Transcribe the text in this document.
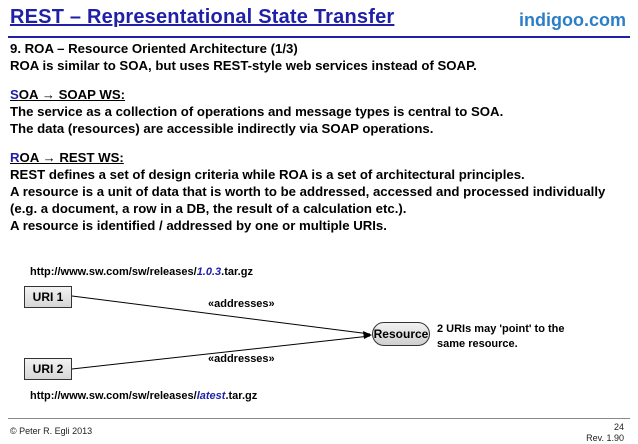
REST – Representational State Transfer	indigoo.com

9. ROA – Resource Oriented Architecture (1/3)

ROA is similar to SOA, but uses REST-style web services instead of SOAP.

SOA → SOAP WS:

The service as a collection of operations and message types is central to SOA.

The data (resources) are accessible indirectly via SOAP operations.

ROA → REST WS:

REST defines a set of design criteria while ROA is a set of architectural principles.

A resource is a unit of data that is worth to be addressed, accessed and processed individually

(e.g. a document, a row in a DB, the result of a calculation etc.).

A resource is identified / addressed by one or multiple URIs.

http://www.sw.com/sw/releases/1.0.3.tar.gz
URI 1	«addresses»
Resource 2 URIs may 'point' to the

same resource.

«addresses»
URI 2
http://www.sw.com/sw/releases/latest.tar.gz
© Peter R. Egli 2013	24
Rev. 1.90
